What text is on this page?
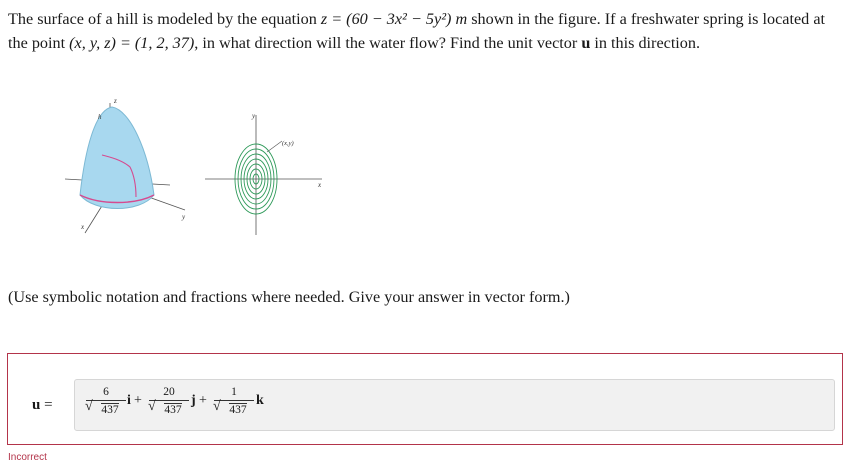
The surface of a hill is modeled by the equation z = (60 − 3x² − 5y²) m shown in the figure. If a freshwater spring is located at the point (x, y, z) = (1, 2, 37), in what direction will the water flow? Find the unit vector u in this direction.
z
h
x
y
y
(x,y)
x
(Use symbolic notation and fractions where needed. Give your answer in vector form.)
u =
6
√ 437
i +
20
√ 437
j +
1
√ 437
k
Incorrect
